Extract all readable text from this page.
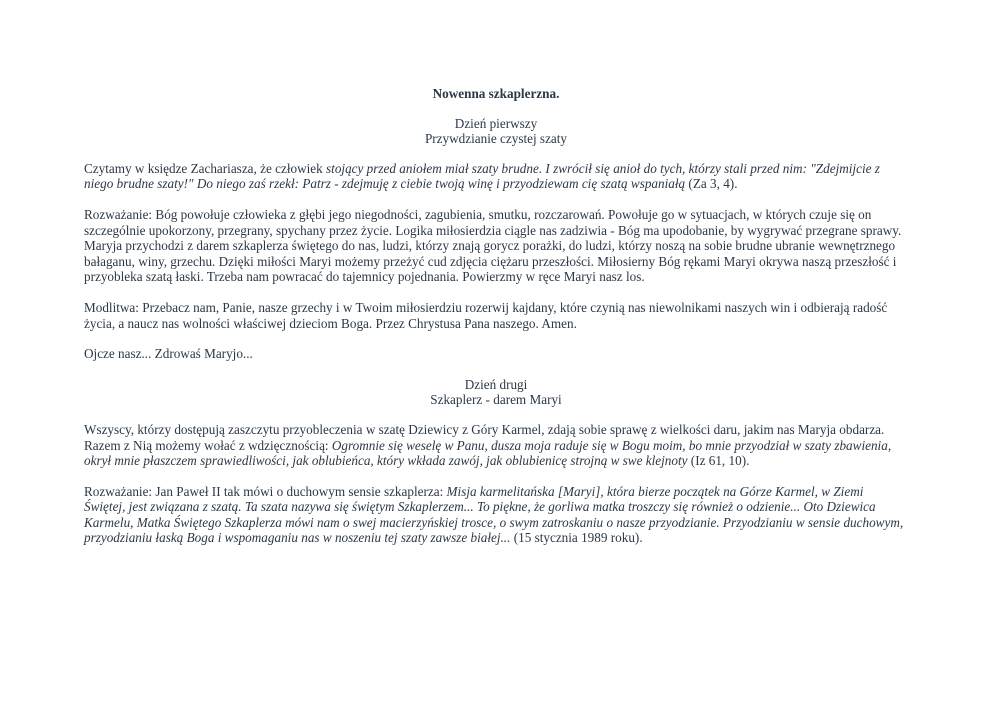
Nowenna szkaplerzna.
Dzień pierwszy
Przywdzianie czystej szaty

Czytamy w księdze Zachariasza, że człowiek stojący przed aniołem miał szaty brudne. I zwrócił się anioł do tych, którzy stali przed nim: "Zdejmijcie z niego brudne szaty!" Do niego zaś rzekł: Patrz - zdejmuję z ciebie twoją winę i przyodziewam cię szatą wspaniałą (Za 3, 4).

Rozważanie: Bóg powołuje człowieka z głębi jego niegodności, zagubienia, smutku, rozczarowań. Powołuje go w sytuacjach, w których czuje się on szczególnie upokorzony, przegrany, spychany przez życie. Logika miłosierdzia ciągle nas zadziwia - Bóg ma upodobanie, by wygrywać przegrane sprawy. Maryja przychodzi z darem szkaplerza świętego do nas, ludzi, którzy znają gorycz porażki, do ludzi, którzy noszą na sobie brudne ubranie wewnętrznego bałaganu, winy, grzechu. Dzięki miłości Maryi możemy przeżyć cud zdjęcia ciężaru przeszłości. Miłosierny Bóg rękami Maryi okrywa naszą przeszłość i przyobleka szatą łaski. Trzeba nam powracać do tajemnicy pojednania. Powierzmy w ręce Maryi nasz los.

Modlitwa: Przebacz nam, Panie, nasze grzechy i w Twoim miłosierdziu rozerwij kajdany, które czynią nas niewolnikami naszych win i odbierają radość życia, a naucz nas wolności właściwej dzieciom Boga. Przez Chrystusa Pana naszego. Amen.

Ojcze nasz... Zdrowaś Maryjo...

Dzień drugi
Szkaplerz - darem Maryi

Wszyscy, którzy dostępują zaszczytu przyobleczenia w szatę Dziewicy z Góry Karmel, zdają sobie sprawę z wielkości daru, jakim nas Maryja obdarza. Razem z Nią możemy wołać z wdzięcznością: Ogromnie się weselę w Panu, dusza moja raduje się w Bogu moim, bo mnie przyodział w szaty zbawienia, okrył mnie płaszczem sprawiedliwości, jak oblubieńca, który wkłada zawój, jak oblubienicę strojną w swe klejnoty (Iz 61, 10).

Rozważanie: Jan Paweł II tak mówi o duchowym sensie szkaplerza: Misja karmelitańska [Maryi], która bierze początek na Górze Karmel, w Ziemi Świętej, jest związana z szatą. Ta szata nazywa się świętym Szkaplerzem... To piękne, że gorliwa matka troszczy się również o odzienie... Oto Dziewica Karmelu, Matka Świętego Szkaplerza mówi nam o swej macierzyńskiej trosce, o swym zatroskaniu o nasze przyodzianie. Przyodzianiu w sensie duchowym, przyodzianiu łaską Boga i wspomaganiu nas w noszeniu tej szaty zawsze białej... (15 stycznia 1989 roku).
